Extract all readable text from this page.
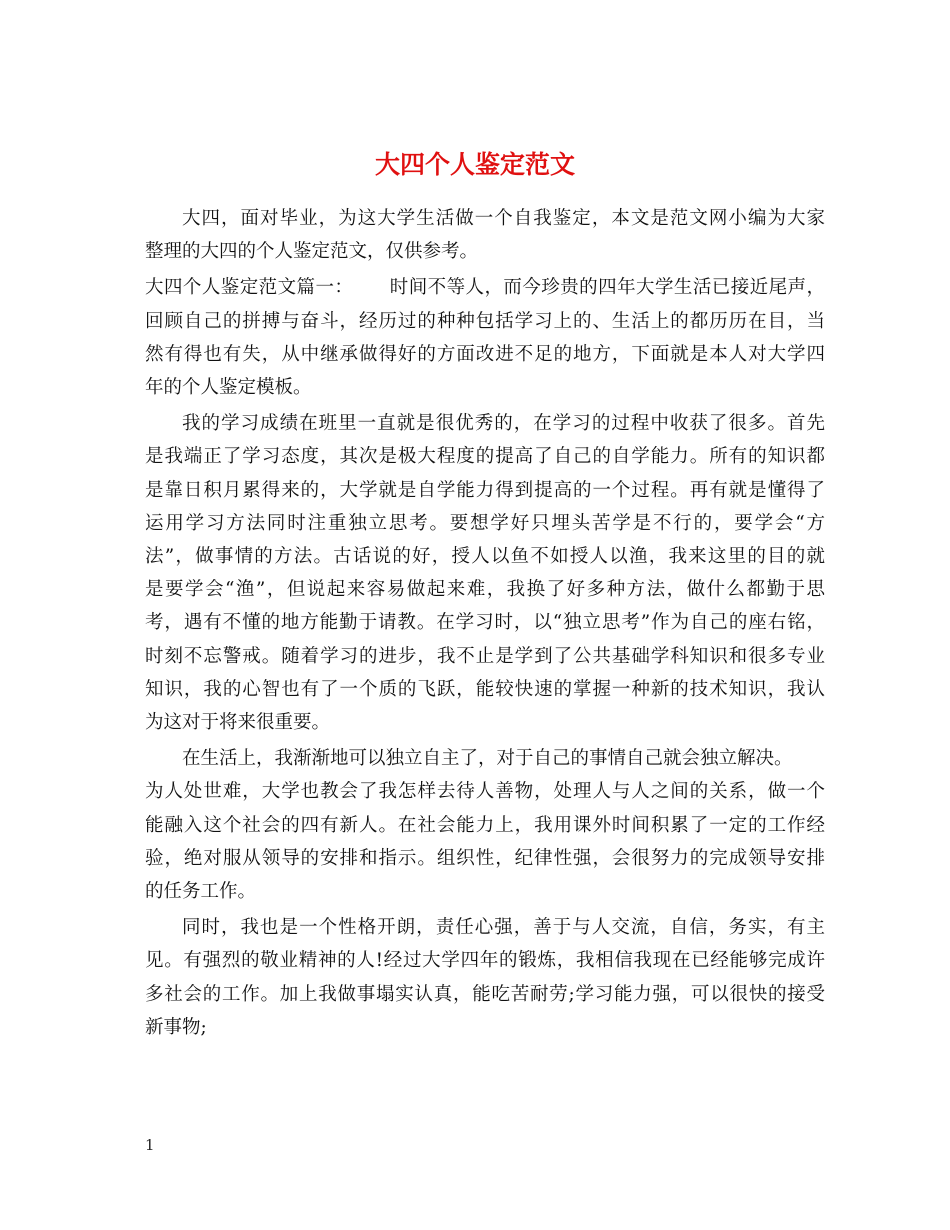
大四个人鉴定范文

大四，面对毕业，为这大学生活做一个自我鉴定，本文是范文网小编为大家
整理的大四的个人鉴定范文，仅供参考。

大四个人鉴定范文篇一： 时间不等人，而今珍贵的四年大学生活已接近尾声，
回顾自己的拼搏与奋斗，经历过的种种包括学习上的、生活上的都历历在目，当
然有得也有失，从中继承做得好的方面改进不足的地方，下面就是本人对大学四
年的个人鉴定模板。

我的学习成绩在班里一直就是很优秀的，在学习的过程中收获了很多。首先
是我端正了学习态度，其次是极大程度的提高了自己的自学能力。所有的知识都
是靠日积月累得来的，大学就是自学能力得到提高的一个过程。再有就是懂得了
运用学习方法同时注重独立思考。要想学好只埋头苦学是不行的，要学会“方
法”，做事情的方法。古话说的好，授人以鱼不如授人以渔，我来这里的目的就
是要学会“渔”，但说起来容易做起来难，我换了好多种方法，做什么都勤于思
考，遇有不懂的地方能勤于请教。在学习时，以“独立思考”作为自己的座右铭，
时刻不忘警戒。随着学习的进步，我不止是学到了公共基础学科知识和很多专业
知识，我的心智也有了一个质的飞跃，能较快速的掌握一种新的技术知识，我认
为这对于将来很重要。

在生活上，我渐渐地可以独立自主了，对于自己的事情自己就会独立解决。
为人处世难，大学也教会了我怎样去待人善物，处理人与人之间的关系，做一个
能融入这个社会的四有新人。在社会能力上，我用课外时间积累了一定的工作经
验，绝对服从领导的安排和指示。组织性，纪律性强，会很努力的完成领导安排
的任务工作。

同时，我也是一个性格开朗，责任心强，善于与人交流，自信，务实，有主
见。有强烈的敬业精神的人!经过大学四年的锻炼，我相信我现在已经能够完成许
多社会的工作。加上我做事塌实认真，能吃苦耐劳;学习能力强，可以很快的接受
新事物;

1
